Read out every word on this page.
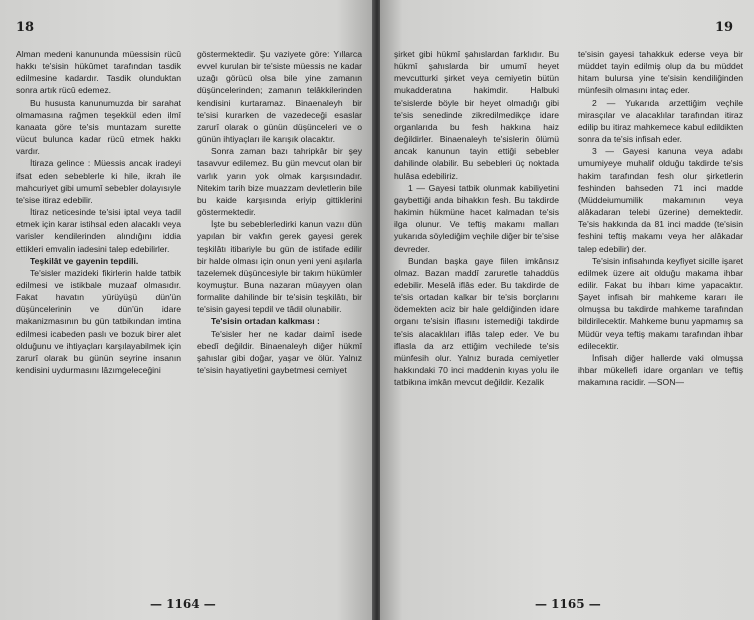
18

Alman medeni kanununda müessisin rücû hakkı te'sisin hükûmet tarafından tasdik edilmesine kadardır. Tasdik olunduktan sonra artık rücû edemez.

Bu hususta kanunumuzda bir sarahat olmamasına rağmen teşekkül eden ilmî kanaata göre te'sis muntazam surette vücut bulunca kadar rücû etmek hakkı vardır.

İtiraza gelince : Müessis ancak iradeyi ifsat eden sebeblerle ki hile, ikrah ile mahcuriyet gibi umumî sebebler dolayısıyle te'sise itiraz edebilir.

İtiraz neticesinde te'sisi iptal veya tadil etmek için karar istihsal eden alacaklı veya varisler kendilerinden alındığını iddia ettikleri emvalin iadesini talep edebilirler.

Teşkilât ve gayenin tepdili.

Te'sisler mazideki fikirlerin halde tatbik edilmesi ve istikbale muzaaf olmasıdır. Fakat havatın yürüyüşü dün'ün düşüncelerinin ve dün'ün idare makanizmasının bu gün tatbikından imtina edilmesi icabeden paslı ve bozuk birer alet olduğunu ve ihtiyaçları karşılayabilmek için zarurî olarak bu günün seyrine insanın kendisini uydurmasını lâzımgeleceğini

göstermektedir. Şu vaziyete göre: Yıllarca evvel kurulan bir te'siste müessis ne kadar uzağı görücü olsa bile yine zamanın düşüncelerinden; zamanın telâkkilerinden kendisini kurtaramaz. Binaenaleyh bir te'sisi kurarken de vazedeceği esaslar zarurî olarak o günün düşünceleri ve o günün ihtiyaçları ile karışık olacaktır.

Sonra zaman bazı tahripkâr bir şey tasavvur edilemez. Bu gün mevcut olan bir varlık yarın yok olmak karşısındadır. Nitekim tarih bize muazzam devletlerin bile bu kaide karşısında eriyip gittiklerini göstermektedir.

İşte bu sebeblerledirki kanun vazıı dün yapılan bir vakfın gerek gayesi gerek teşkilâtı itibariyle bu gün de istifade edilir bir halde olması için onun yeni yeni aşılarla tazelemek düşüncesiyle bir takım hükümler koymuştur. Buna nazaran müayyen olan formalite dahilinde bir te'sisin teşkilâtı, bir te'sisin gayesi tepdil ve tâdil olunabilir.

Te'sisin ortadan kalkması :

Te'sisler her ne kadar daimî isede ebedî değildir. Binaenaleyh diğer hükmî şahıslar gibi doğar, yaşar ve ölür. Yalnız te'sisin hayatiyetini gaybetmesi cemiyet

— 1164 —
19

şirket gibi hükmî şahıslardan farklıdır. Bu hükmî şahıslarda bir umumî heyet mevcutturki şirket veya cemiyetin bütün mukadderatına hakimdir. Halbuki te'sislerde böyle bir heyet olmadığı gibi te'sis senedinde zikredilmedikçe idare organlarıda bu fesh hakkına haiz değildirler. Binaenaleyh te'sislerin ölümü ancak kanunun tayin ettiği sebebler dahilinde olabilir. Bu sebebleri üç noktada hulâsa edebiliriz.

1 — Gayesi tatbik olunmak kabiliyetini gaybettiği anda bihakkın fesh. Bu takdirde hakimin hükmüne hacet kalmadan te'sis ilga olunur. Ve teftiş makamı malları yukarıda söylediğim veçhile diğer bir te'sise devreder.

Bundan başka gaye fiilen imkânsız olmaz. Bazan maddî zaruretle tahaddüs edebilir. Meselâ iflâs eder. Bu takdirde de te'sis ortadan kalkar bir te'sis borçlarını ödemekten aciz bir hale geldiğinden idare organı te'sisin iflasını istemediği takdirde te'sis alacaklıları iflâs talep eder. Ve bu iflasla da arz ettiğim vechilede te'sis münfesih olur. Yalnız burada cemiyetler hakkındaki 70 inci maddenin kıyas yolu ile tatbikına imkân mevcut değildir. Kezalik

te'sisin gayesi tahakkuk ederse veya bir müddet tayin edilmiş olup da bu müddet hitam bulursa yine te'sisin kendiliğinden münfesih olmasını intaç eder.

2 — Yukarıda arzettiğim veçhile mirasçılar ve alacaklılar tarafından itiraz edilip bu itiraz mahkemece kabul edildikten sonra da te'sis infisah eder.

3 — Gayesi kanuna veya adabı umumiyeye muhalif olduğu takdirde te'sis hakim tarafından fesh olur şirketlerin feshinden bahseden 71 inci madde (Müddeiumumilik makamının veya alâkadaran telebi üzerine) demektedir. Te'sis hakkında da 81 inci madde (te'sisin feshini teftiş makamı veya her alâkadar talep edebilir) der.

Te'sisin infisahında keyfiyet sicille işaret edilmek üzere ait olduğu makama ihbar edilir. Fakat bu ihbarı kime yapacaktır. Şayet infisah bir mahkeme kararı ile olmuşsa bu takdirde mahkeme tarafından bildirilecektir. Mahkeme bunu yapmamış sa Müdür veya teftiş makamı tarafından ihbar edilecektir.

İnfisah diğer hallerde vaki olmuşsa ihbar mükellefi idare organları ve teftiş makamına racidir. —SON—

— 1165 —
